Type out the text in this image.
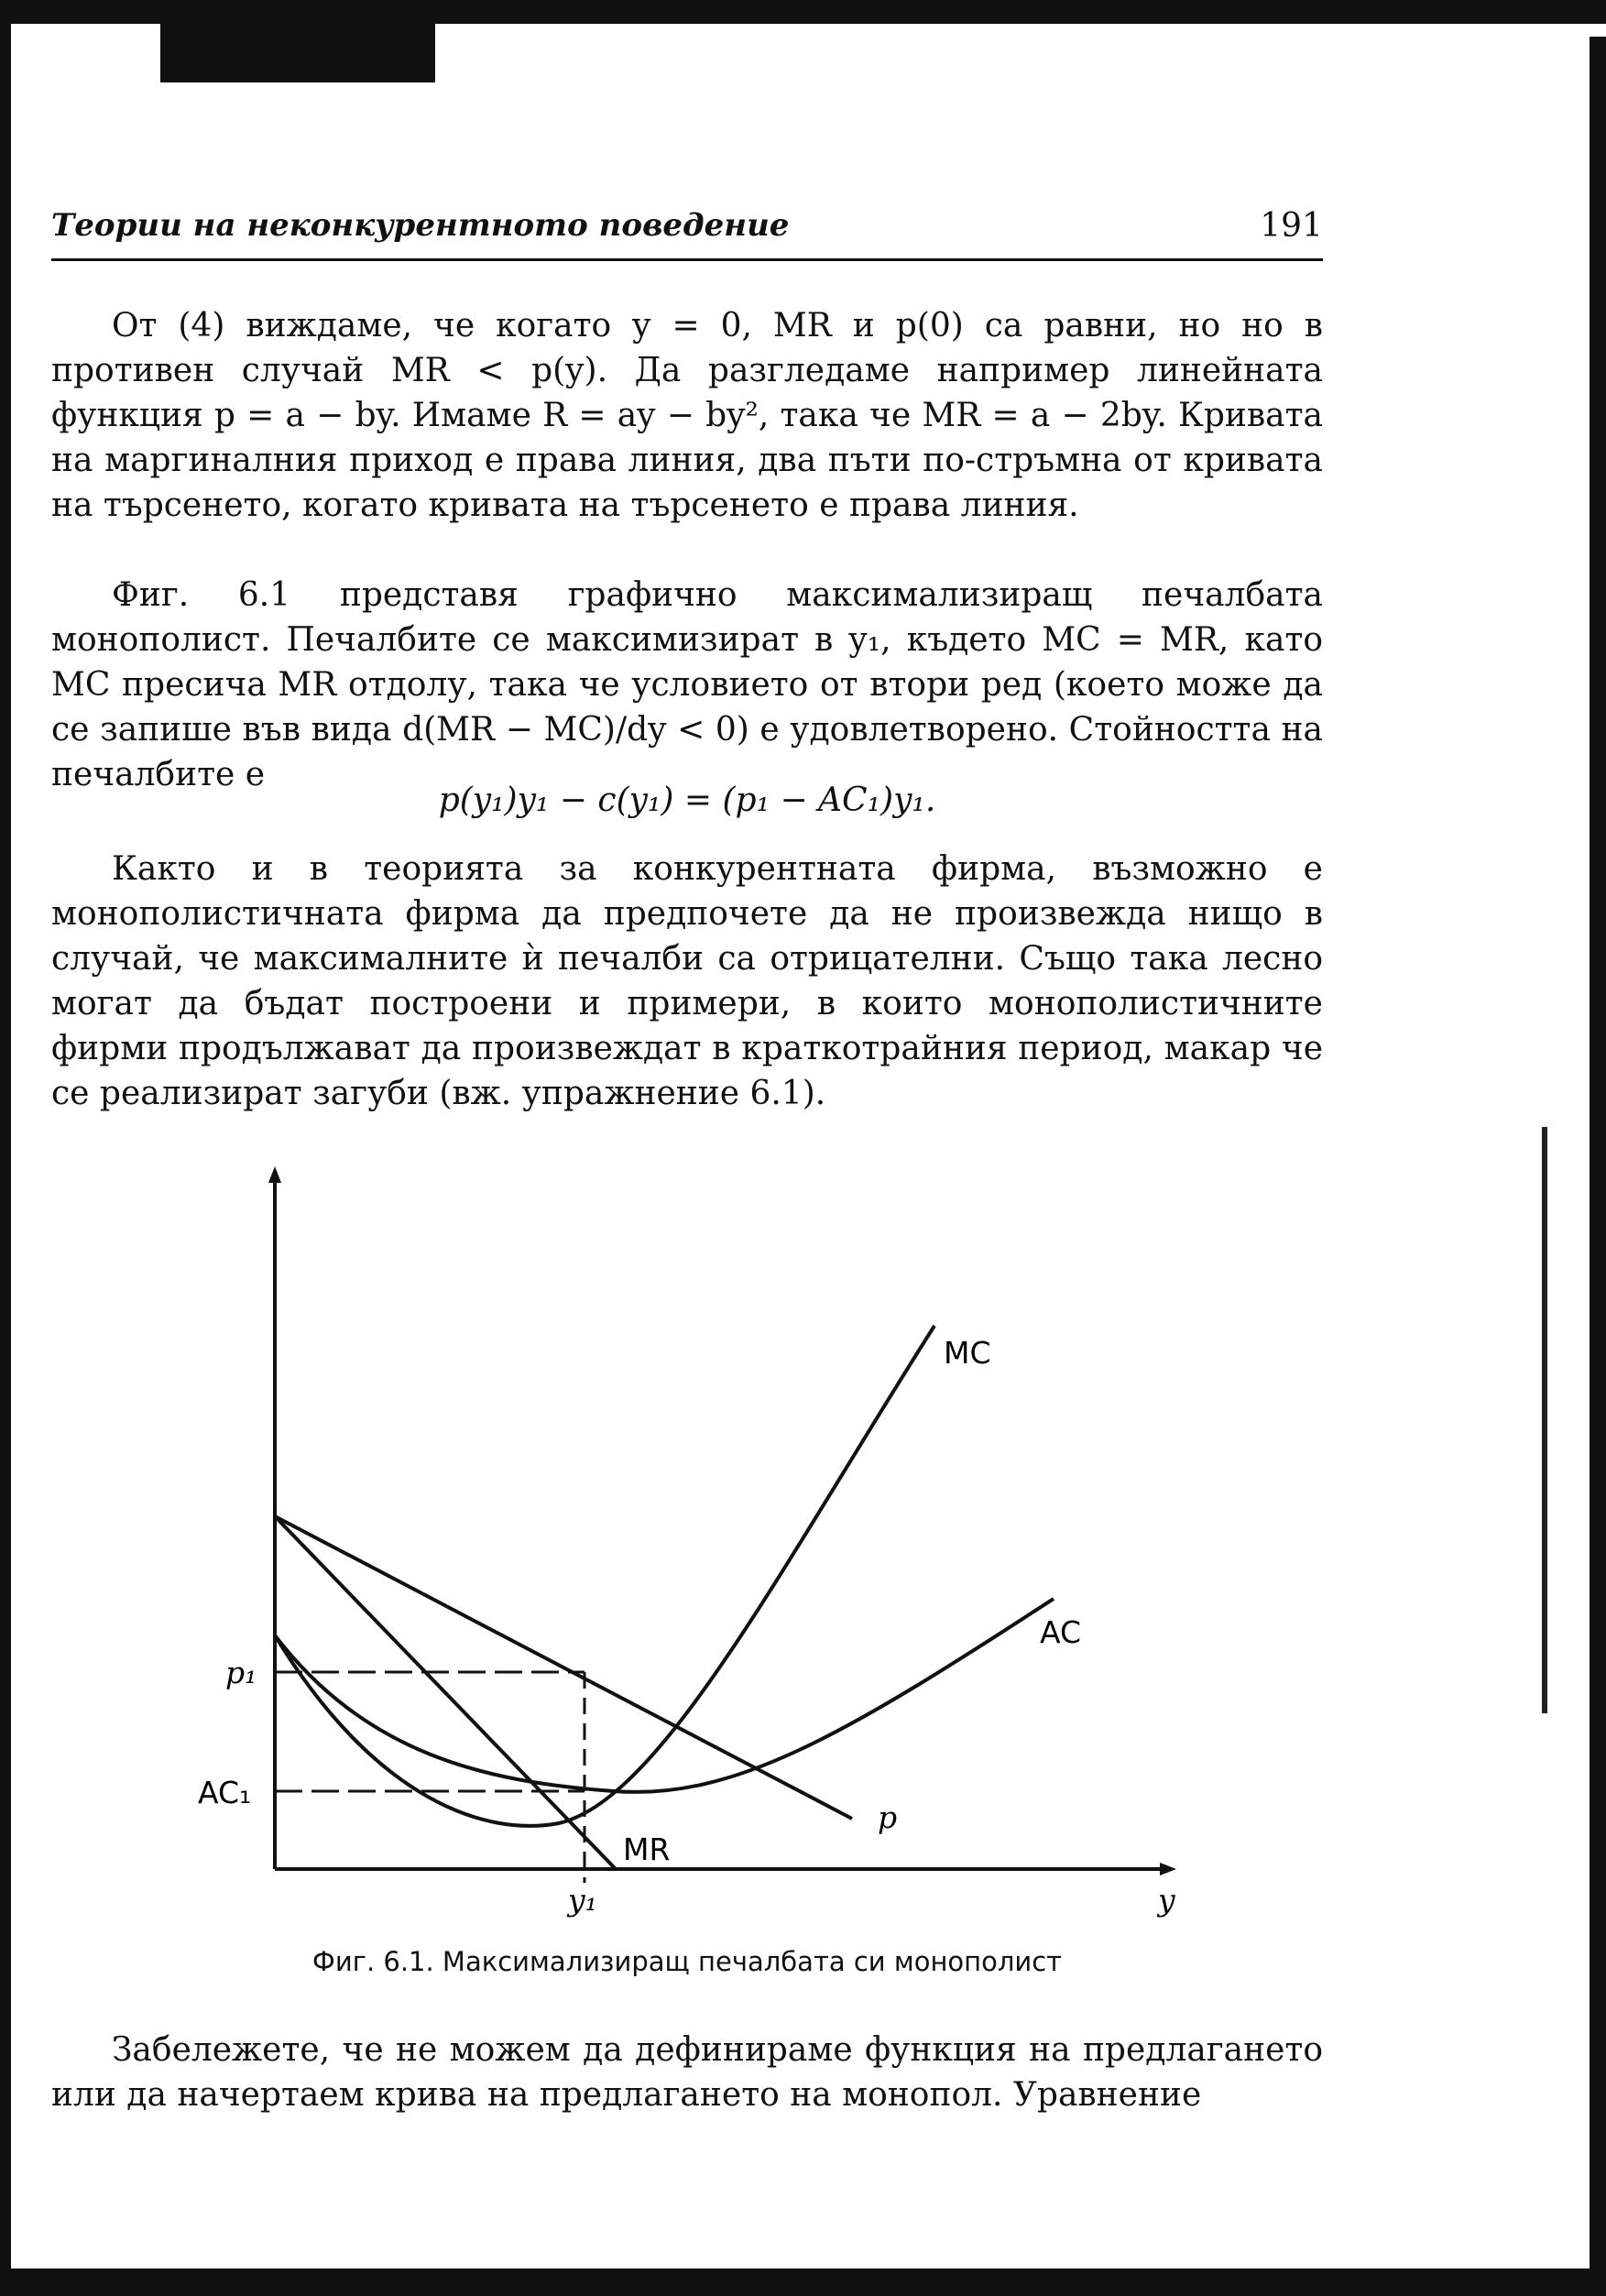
Теории на неконкурентното поведение	191

От (4) виждаме, че когато y = 0, MR и p(0) са равни, но но в противен случай MR < p(y). Да разгледаме например линейната функция p = a − by. Имаме R = ay − by², така че MR = a − 2by. Кривата на маргиналния приход е права линия, два пъти по-стръмна от кривата на търсенето, когато кривата на търсенето е права линия.

Фиг. 6.1 представя графично максимализиращ печалбата монополист. Печалбите се максимизират в y₁, където MC = MR, като MC пресича MR отдолу, така че условието от втори ред (което може да се запише във вида d(MR − MC)/dy < 0) е удовлетворено. Стойността на печалбите е

p(y₁)y₁ − c(y₁) = (p₁ − AC₁)y₁.

Както и в теорията за конкурентната фирма, възможно е монополистичната фирма да предпочете да не произвежда нищо в случай, че максималните ѝ печалби са отрицателни. Също така лесно могат да бъдат построени и примери, в които монополистичните фирми продължават да произвеждат в краткотрайния период, макар че се реализират загуби (вж. упражнение 6.1).

MC
AC
p
MR
p₁
AC₁
y₁	y
Фиг. 6.1. Максимализиращ печалбата си монополист

Забележете, че не можем да дефинираме функция на предлагането или да начертаем крива на предлагането на монопол. Уравнение
